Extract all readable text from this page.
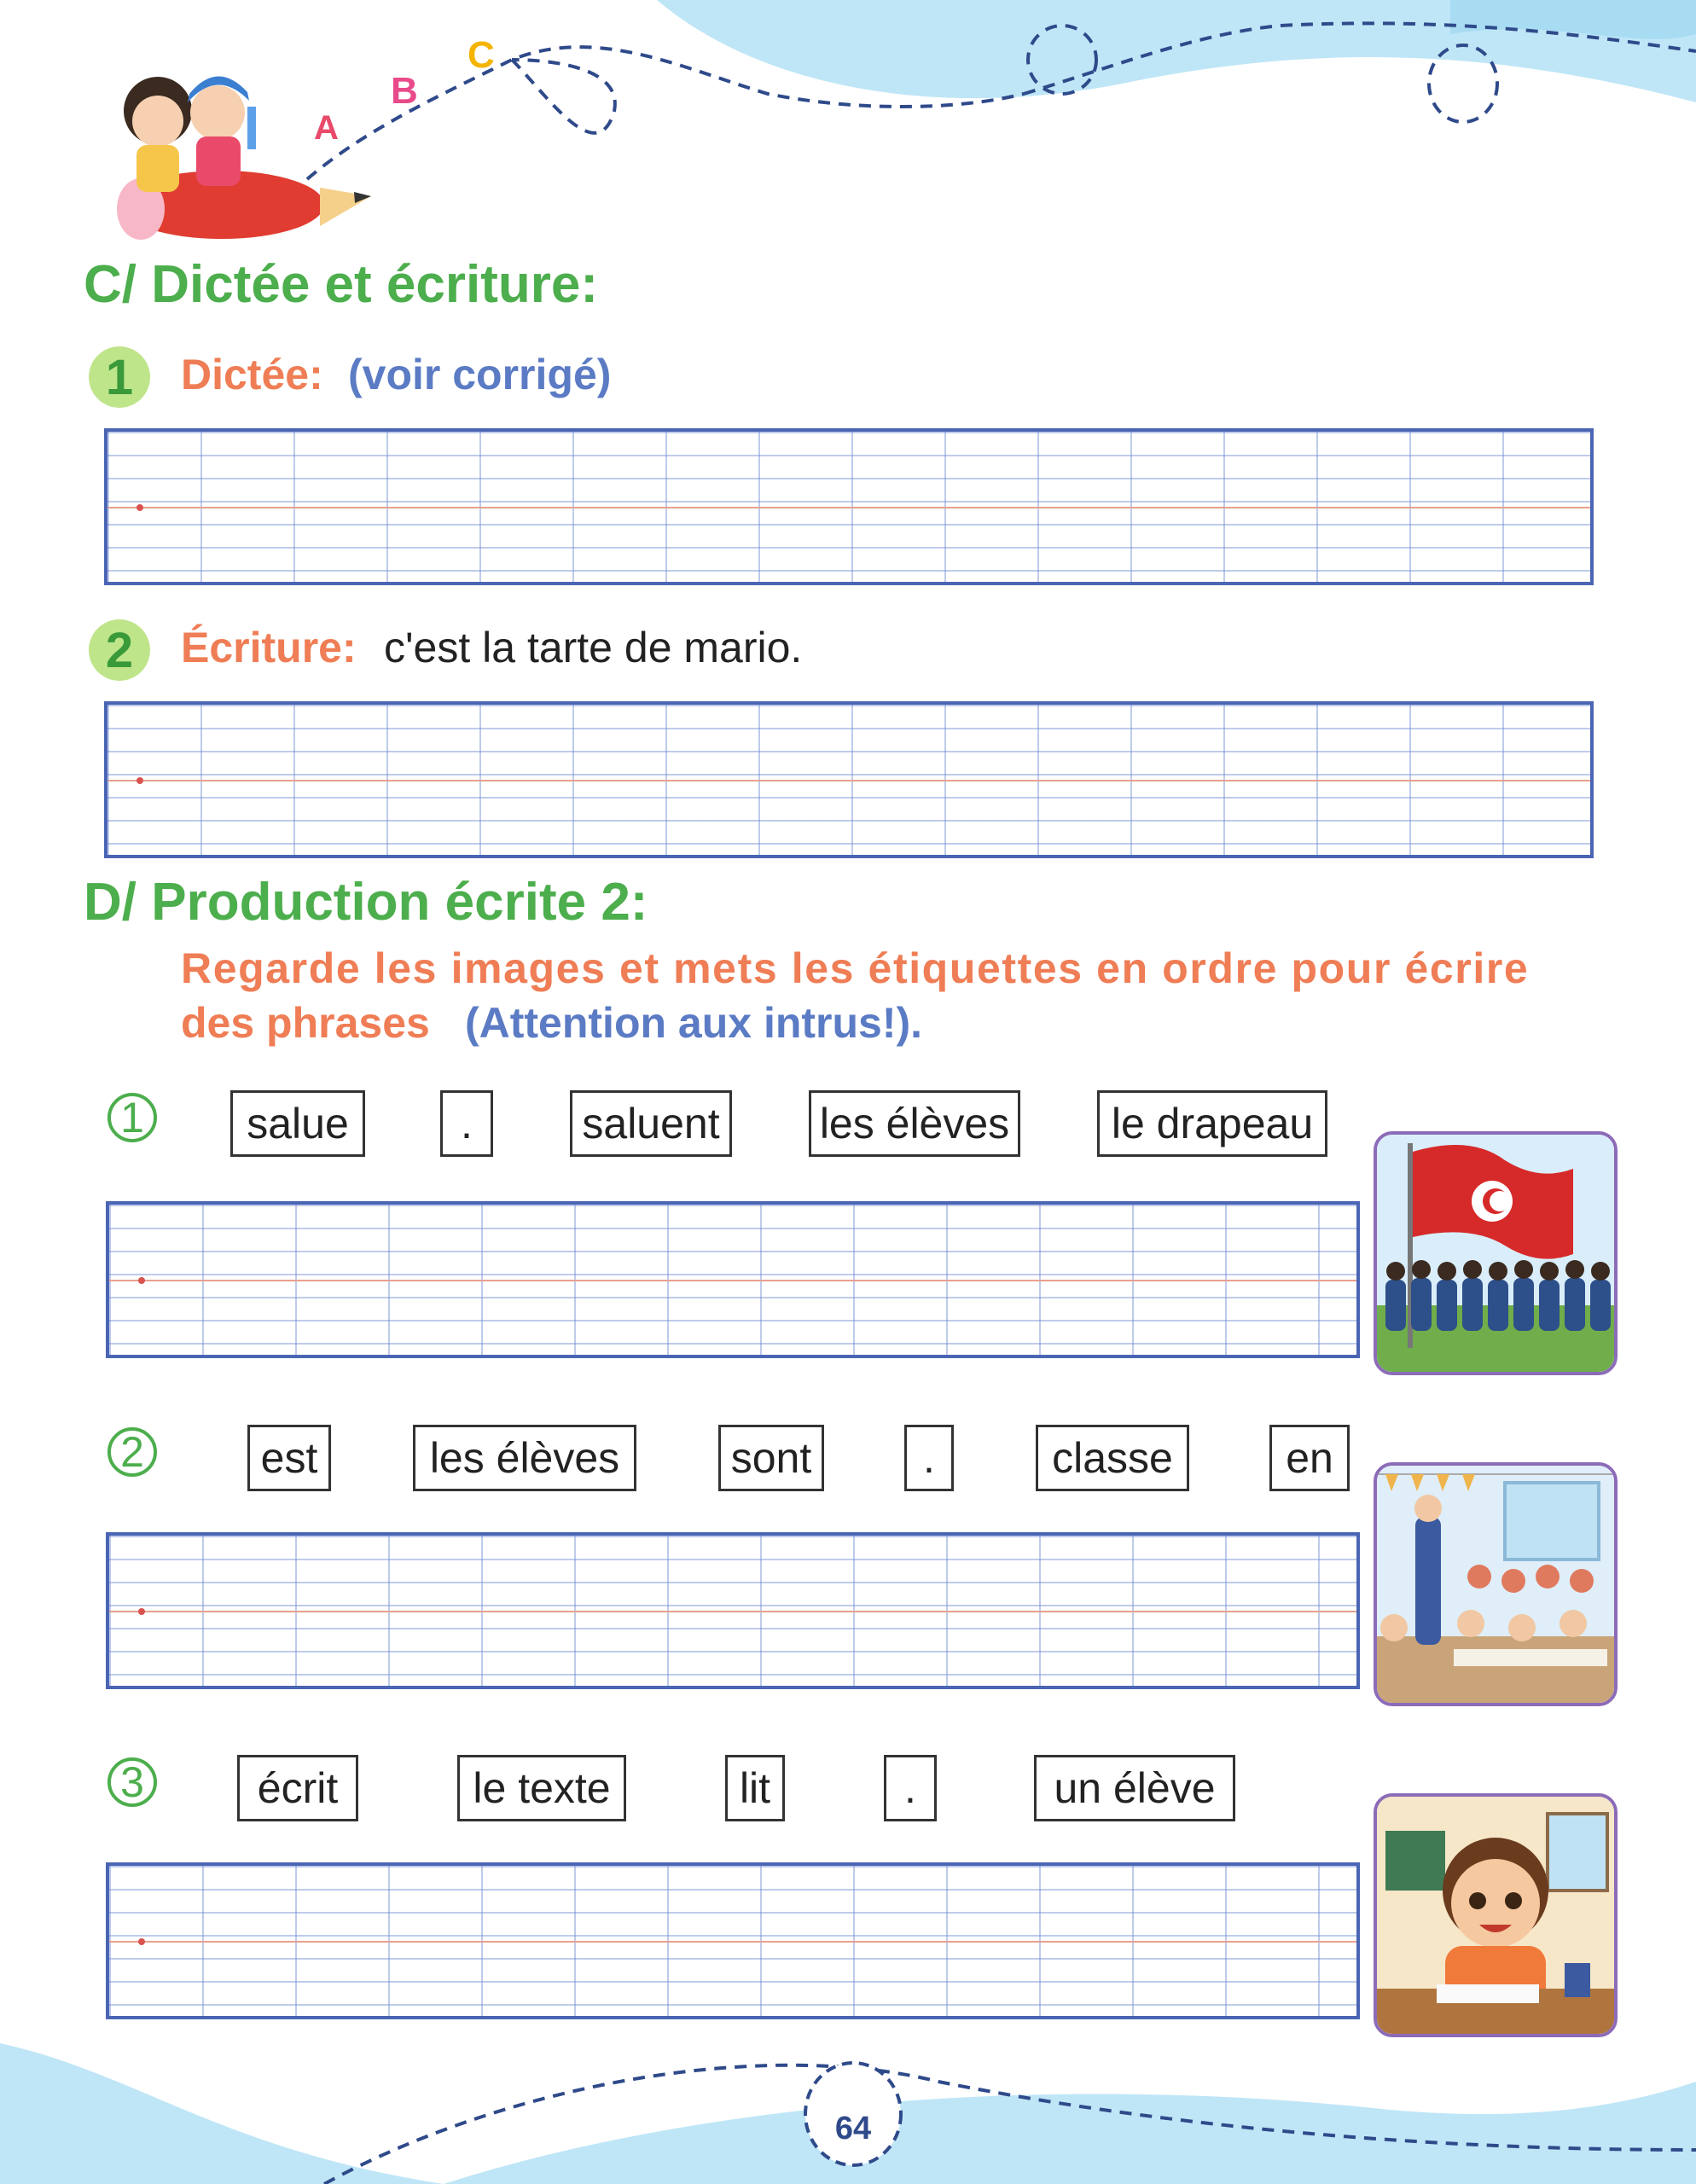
A
B
C
C/ Dictée et écriture:
1	Dictée: (voir corrigé)
2	Écriture: c'est la tarte de mario.
D/ Production écrite 2:
Regarde les images et mets les étiquettes en ordre pour écrire
des phrases (Attention aux intrus!).
1	salue	.	saluent les élèves	le drapeau
2	est	les élèves	sont	.	classe	en
3	écrit	le texte	lit	.	un élève
64
